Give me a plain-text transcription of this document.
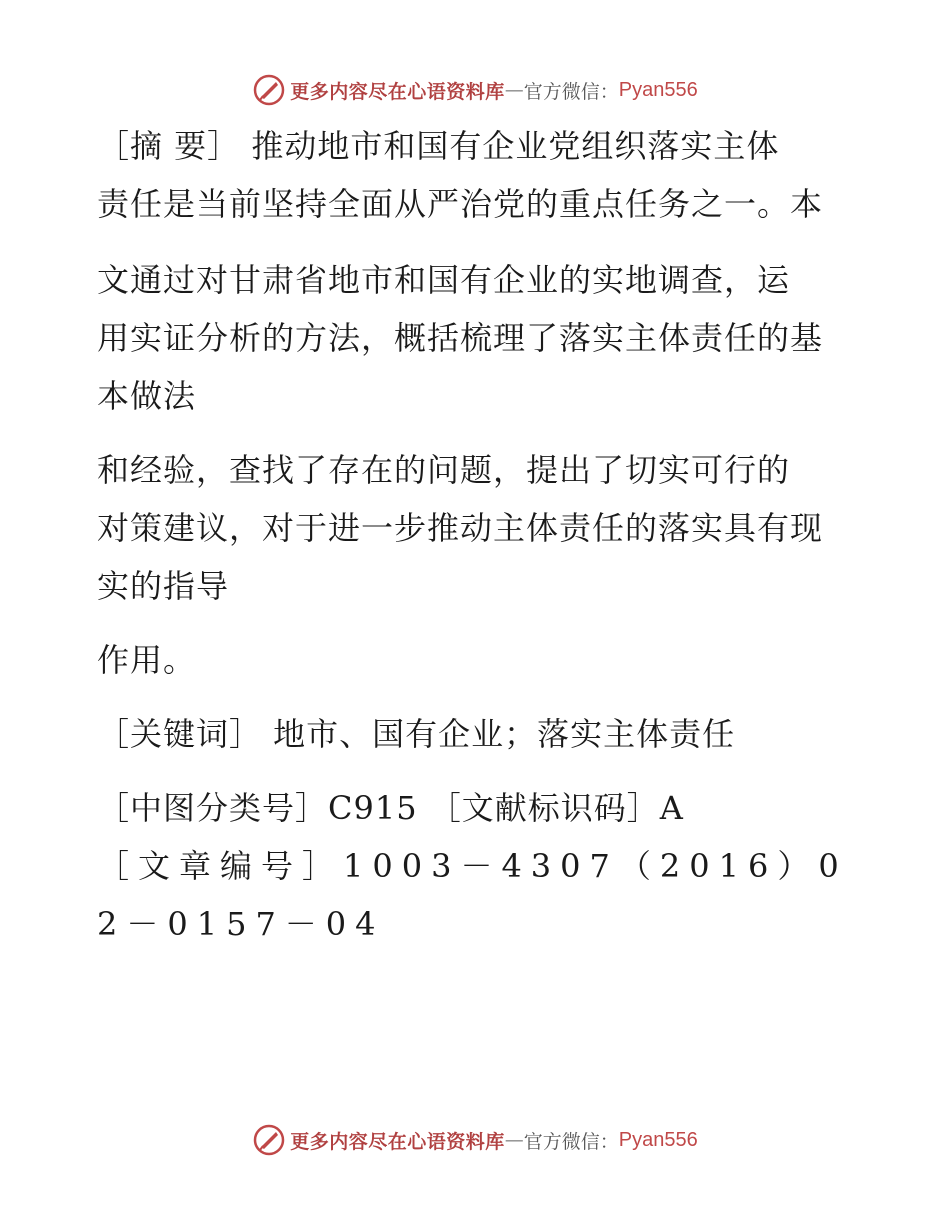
更多内容尽在心语资料库 — 官方微信： Pyan556
［摘 要］ 推动地市和国有企业党组织落实主体
责任是当前坚持全面从严治党的重点任务之一。本
文通过对甘肃省地市和国有企业的实地调查，运
用实证分析的方法，概括梳理了落实主体责任的基
本做法
和经验，查找了存在的问题，提出了切实可行的
对策建议，对于进一步推动主体责任的落实具有现
实的指导
作用。
［关键词］ 地市、国有企业；落实主体责任
［中图分类号］C915 ［文献标识码］A
［文章编号］1003－4307（2016）0
2－0157－04
更多内容尽在心语资料库 — 官方微信： Pyan556
